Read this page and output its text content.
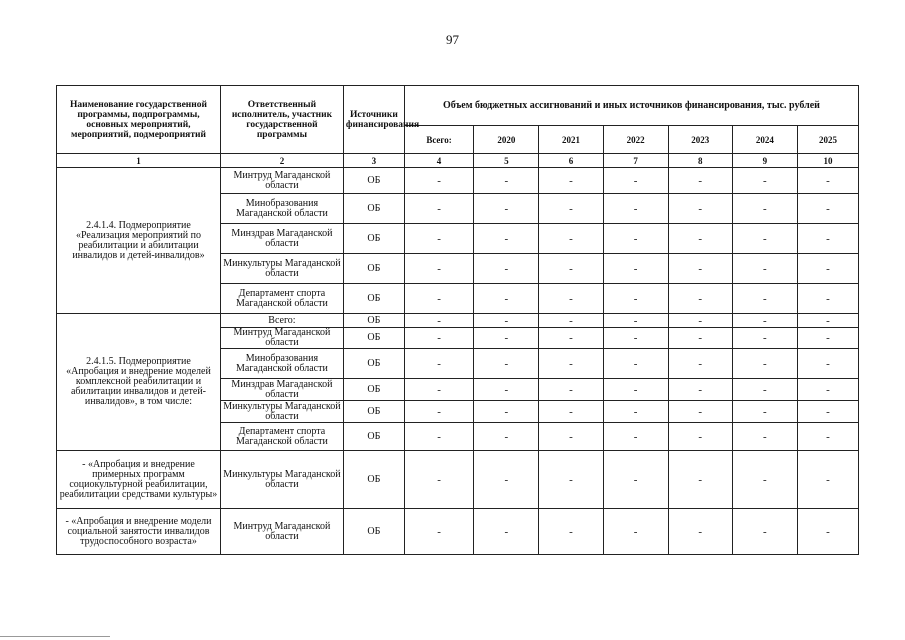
97
Наименование государственной программы, подпрограммы, основных мероприятий, мероприятий, подмероприятий	Ответственный исполнитель, участник государственной программы	Источники финансирования	Объем бюджетных ассигнований и иных источников финансирования, тыс. рублей						
			Всего:	2020	2021	2022	2023	2024	2025
1	2	3	4	5	6	7	8	9	10
2.4.1.4. Подмероприятие «Реализация мероприятий по реабилитации и абилитации инвалидов и детей-инвалидов»	Минтруд Магаданской области	ОБ	-	-	-	-	-	-	-
	Минобразования Магаданской области	ОБ	-	-	-	-	-	-	-
	Минздрав Магаданской области	ОБ	-	-	-	-	-	-	-
	Минкультуры Магаданской области	ОБ	-	-	-	-	-	-	-
	Департамент спорта Магаданской области	ОБ	-	-	-	-	-	-	-
2.4.1.5. Подмероприятие «Апробация и внедрение моделей комплексной реабилитации и абилитации инвалидов и детей-инвалидов», в том числе:	Всего:	ОБ	-	-	-	-	-	-	-
	Минтруд Магаданской области	ОБ	-	-	-	-	-	-	-
	Минобразования Магаданской области	ОБ	-	-	-	-	-	-	-
	Минздрав Магаданской области	ОБ	-	-	-	-	-	-	-
	Минкультуры Магаданской области	ОБ	-	-	-	-	-	-	-
	Департамент спорта Магаданской области	ОБ	-	-	-	-	-	-	-
- «Апробация и внедрение примерных программ социокультурной реабилитации, реабилитации средствами культуры»	Минкультуры Магаданской области	ОБ	-	-	-	-	-	-	-
- «Апробация и внедрение модели социальной занятости инвалидов трудоспособного возраста»	Минтруд Магаданской области	ОБ	-	-	-	-	-	-	-
